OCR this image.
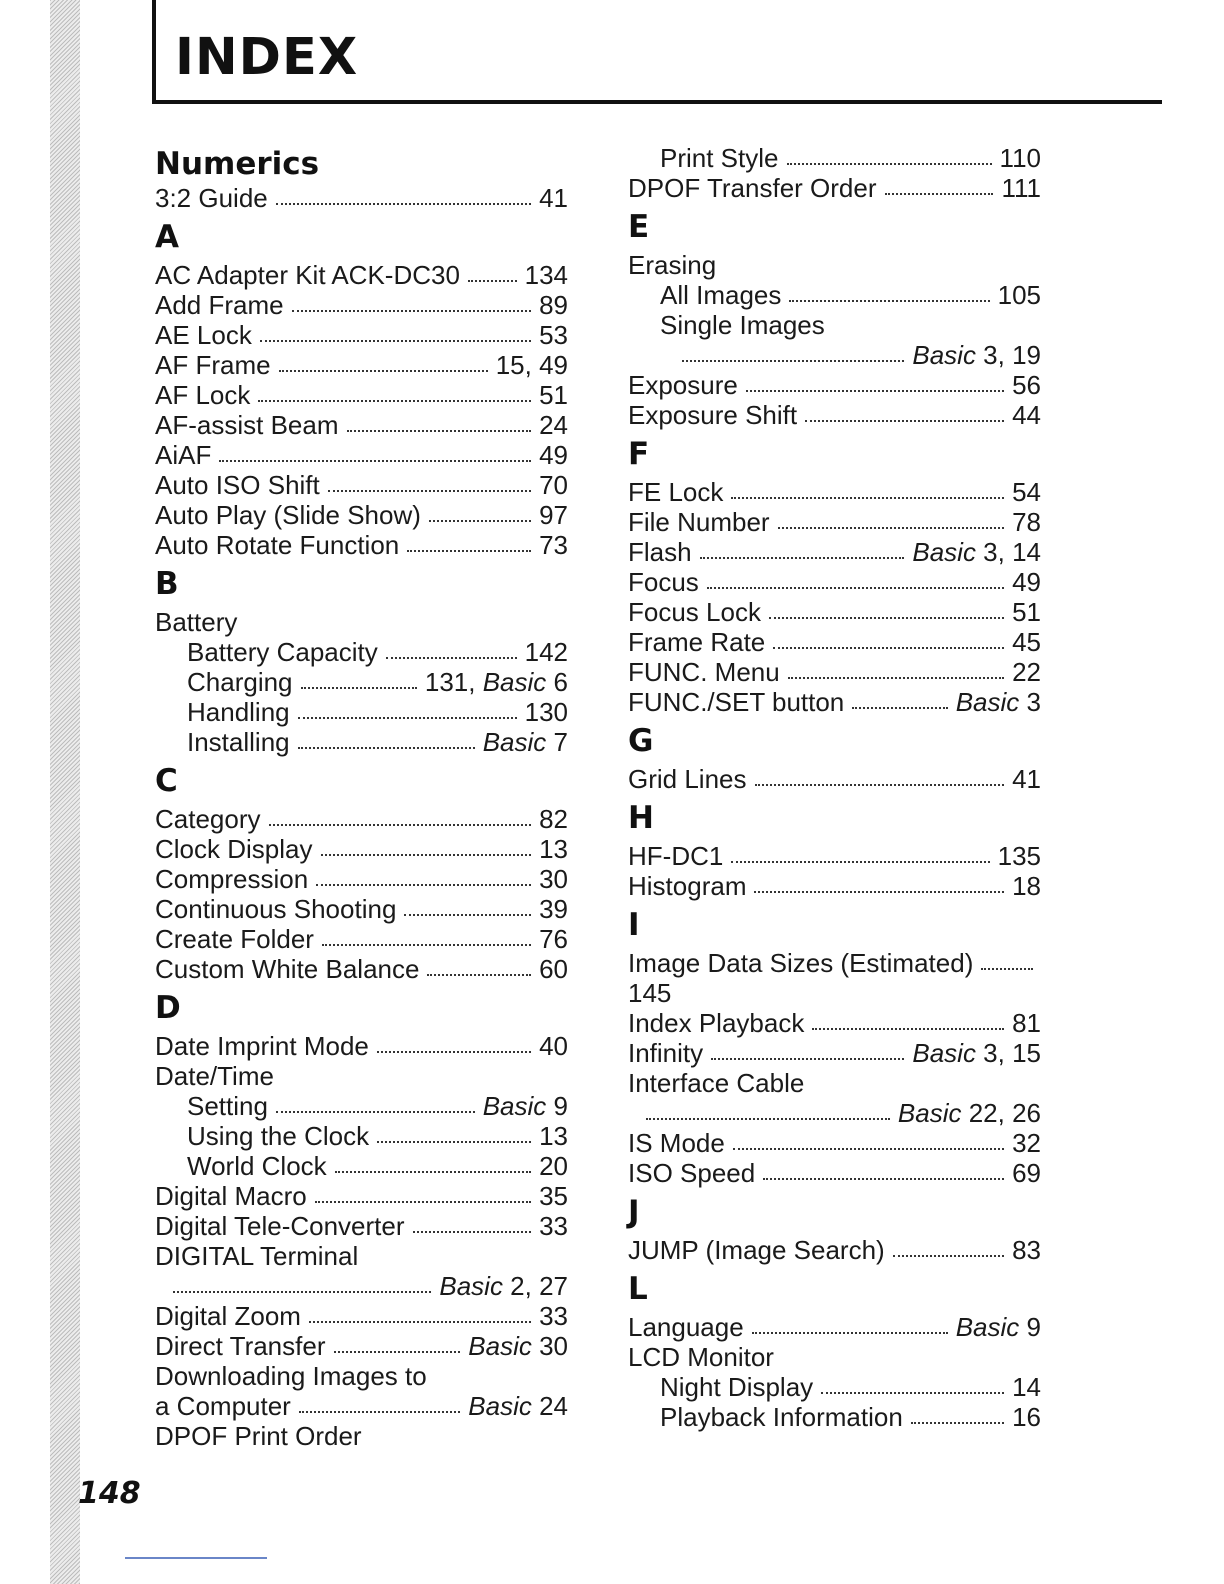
INDEX
Numerics
3:2 Guide	41
A
AC Adapter Kit ACK-DC30 134
Add Frame	89
AE Lock	53
AF Frame	15, 49
AF Lock	51
AF-assist Beam	24
AiAF	49
Auto ISO Shift	70
Auto Play (Slide Show)	97
Auto Rotate Function	73
B
Battery
Battery Capacity	142
Charging	131, Basic 6
Handling	130
Installing	Basic 7
C
Category	82
Clock Display	13
Compression	30
Continuous Shooting	39
Create Folder	76
Custom White Balance	60
D
Date Imprint Mode	40
Date/Time
Setting	Basic 9
Using the Clock	13
World Clock	20
Digital Macro	35
Digital Tele-Converter	33
DIGITAL Terminal
Basic 2, 27
Digital Zoom	33
Direct Transfer	Basic 30
Downloading Images to
a Computer	Basic 24
DPOF Print Order
Print Style	110
DPOF Transfer Order	111
E
Erasing
All Images	105
Single Images
Basic 3, 19
Exposure	56
Exposure Shift	44
F
FE Lock	54
File Number	78
Flash	Basic 3, 14
Focus	49
Focus Lock	51
Frame Rate	45
FUNC. Menu	22
FUNC./SET button	Basic 3
G
Grid Lines	41
H
HF-DC1	135
Histogram	18
I
Image Data Sizes (Estimated)
145
Index Playback	81
Infinity	Basic 3, 15
Interface Cable
Basic 22, 26
IS Mode	32
ISO Speed	69
J
JUMP (Image Search)	83
L
Language	Basic 9
LCD Monitor
Night Display	14
Playback Information	16

148
